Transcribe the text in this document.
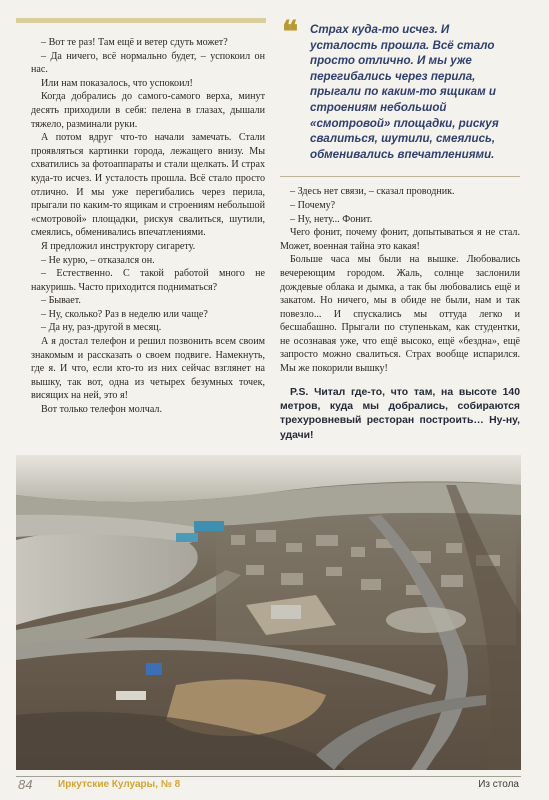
– Вот те раз! Там ещё и ветер сдуть может?

– Да ничего, всё нормально будет, – успокоил он нас.

Или нам показалось, что успокоил!

Когда добрались до самого-самого верха, минут десять приходили в себя: пелена в глазах, дышали тяжело, разминали руки.

А потом вдруг что-то начали замечать. Стали проявляться картинки города, лежащего внизу. Мы схватились за фотоаппараты и стали щелкать. И страх куда-то исчез. И усталость прошла. Всё стало просто отлично. И мы уже перегибались через перила, прыгали по каким-то ящикам и строениям небольшой «смотровой» площадки, рискуя свалиться, шутили, смеялись, обменивались впечатлениями.

Я предложил инструктору сигарету.

– Не курю, – отказался он.

– Естественно. С такой работой много не накуришь. Часто приходится подниматься?

– Бывает.

– Ну, сколько? Раз в неделю или чаще?

– Да ну, раз-другой в месяц.

А я достал телефон и решил позвонить всем своим знакомым и рассказать о своем подвиге. Намекнуть, где я. И что, если кто-то из них сейчас взглянет на вышку, так вот, одна из четырех безумных точек, висящих на ней, это я!

Вот только телефон молчал.

❝ Страх куда-то исчез. И усталость прошла. Всё стало просто отлично. И мы уже перегибались через перила, прыгали по каким-то ящикам и строениям небольшой «смотровой» площадки, рискуя свалиться, шутили, смеялись, обменивались впечатлениями.

– Здесь нет связи, – сказал проводник.

– Почему?

– Ну, нету... Фонит.

Чего фонит, почему фонит, допытываться я не стал. Может, военная тайна это какая!

Больше часа мы были на вышке. Любовались вечереющим городом. Жаль, солнце заслонили дождевые облака и дымка, а так бы любовались ещё и закатом. Но ничего, мы в обиде не были, нам и так повезло... И спускались мы оттуда легко и бесшабашно. Прыгали по ступенькам, как студентки, не осознавая уже, что ещё высоко, ещё «бездна», ещё запросто можно свалиться. Страх вообще испарился. Мы же покорили вышку!

P.S. Читал где-то, что там, на высоте 140 метров, куда мы добрались, собираются трехуровневый ресторан построить… Ну-ну, удачи!

84	Иркутские Кулуары, № 8	Из стола
